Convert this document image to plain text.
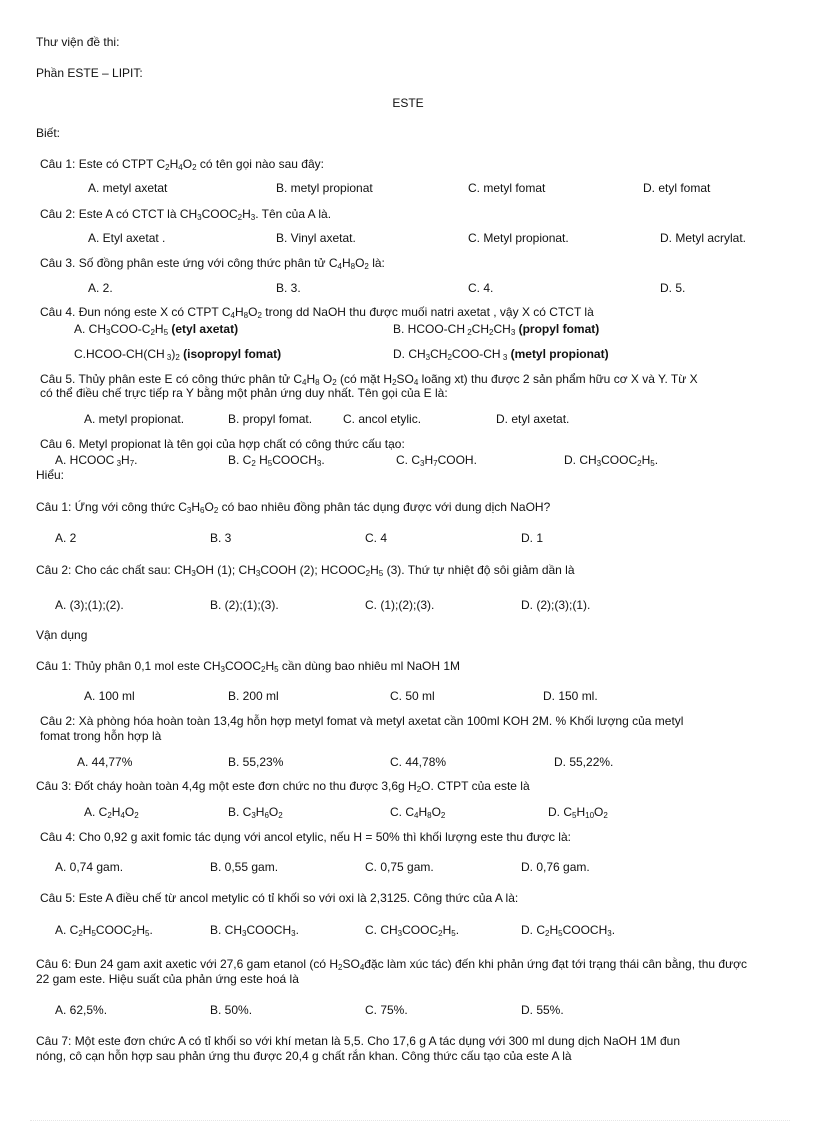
Thư viện đề thi:
Phần ESTE – LIPIT:
ESTE
Biết:
Câu 1: Este có CTPT $C_2H_4O_2$ có tên gọi nào sau đây:
A. metyl axetat	B. metyl propionat	C. metyl fomat	D. etyl fomat
Câu 2: Este A có CTCT là $CH_3COOC_2H_3$. Tên của A là.
A. Etyl axetat .	B. Vinyl axetat.	C. Metyl propionat.	D. Metyl acrylat.
Câu 3. Số đồng phân este ứng với công thức phân tử $C_4H_8O_2$ là:
A. 2.	B. 3.	C. 4.	D. 5.
Câu 4. Đun nóng este X có CTPT $C_4H_8O_2$ trong dd NaOH thu được muối natri axetat , vậy X có CTCT là
A. $CH_3COO-C_2H_5$ (etyl axetat)	B. HCOO-CH $_2CH_2CH_3$ (propyl fomat)
C.HCOO-CH(CH $_3)_2$ (isopropyl fomat)	D. $CH_3CH_2COO-CH$ $_3$ (metyl propionat)
Câu 5. Thủy phân este E có công thức phân tử $C_4H_8$ $O_2$ (có mặt $H_2SO_4$ loãng xt) thu được 2 sản phẩm hữu cơ X và Y. Từ X
có thể điều chế trực tiếp ra Y bằng một phản ứng duy nhất. Tên gọi của E là:
A. metyl propionat.	B. propyl fomat.	C. ancol etylic.	D. etyl axetat.
Câu 6. Metyl propionat là tên gọi của hợp chất có công thức cấu tạo:
A. HCOOC $_3H_7$.	B. $C_2$ $H_5COOCH_3$.	C. $C_3H_7COOH$.	D. $CH_3COOC_2H_5$.
Hiểu:
Câu 1: Ứng với công thức $C_3H_6O_2$ có bao nhiêu đồng phân tác dụng được với dung dịch NaOH?
A. 2	B. 3	C. 4	D. 1
Câu 2: Cho các chất sau: $CH_3OH$ (1); $CH_3COOH$ (2); $HCOOC_2H_5$ (3). Thứ tự nhiệt độ sôi giảm dần là
A. (3);(1);(2).	B. (2);(1);(3).	C. (1);(2);(3).	D. (2);(3);(1).
Vận dụng
Câu 1: Thủy phân 0,1 mol este $CH_3COOC_2H_5$ cần dùng bao nhiêu ml NaOH 1M
A. 100 ml	B. 200 ml	C. 50 ml	D. 150 ml.
Câu 2: Xà phòng hóa hoàn toàn 13,4g hỗn hợp metyl fomat và metyl axetat cần 100ml KOH 2M. % Khối lượng của metyl
fomat trong hỗn hợp là
A. 44,77%	B. 55,23%	C. 44,78%	D. 55,22%.
Câu 3: Đốt cháy hoàn toàn 4,4g một este đơn chức no thu được 3,6g $H_2O$. CTPT của este là
A. $C_2H_4O_2$	B. $C_3H_6O_2$	C. $C_4H_8O_2$	D. $C_5H_{10}O_2$
Câu 4: Cho 0,92 g axit fomic tác dụng với ancol etylic, nếu H = 50% thì khối lượng este thu được là:
A. 0,74 gam.	B. 0,55 gam.	C. 0,75 gam.	D. 0,76 gam.
Câu 5: Este A điều chế từ ancol metylic có tỉ khối so với oxi là 2,3125. Công thức của A là:
A. $C_2H_5COOC_2H_5$.	B. $CH_3COOCH_3$.	C. $CH_3COOC_2H_5$.	D. $C_2H_5COOCH_3$.
Câu 6: Đun 24 gam axit axetic với 27,6 gam etanol (có $H_2SO_4đặc$ làm xúc tác) đến khi phản ứng đạt tới trạng thái cân bằng, thu được
22 gam este. Hiệu suất của phản ứng este hoá là
A. 62,5%.	B. 50%.	C. 75%.	D. 55%.
Câu 7: Một este đơn chức A có tỉ khối so với khí metan là 5,5. Cho 17,6 g A tác dụng với 300 ml dung dịch NaOH 1M đun
nóng, cô cạn hỗn hợp sau phản ứng thu được 20,4 g chất rắn khan. Công thức cấu tạo của este A là
